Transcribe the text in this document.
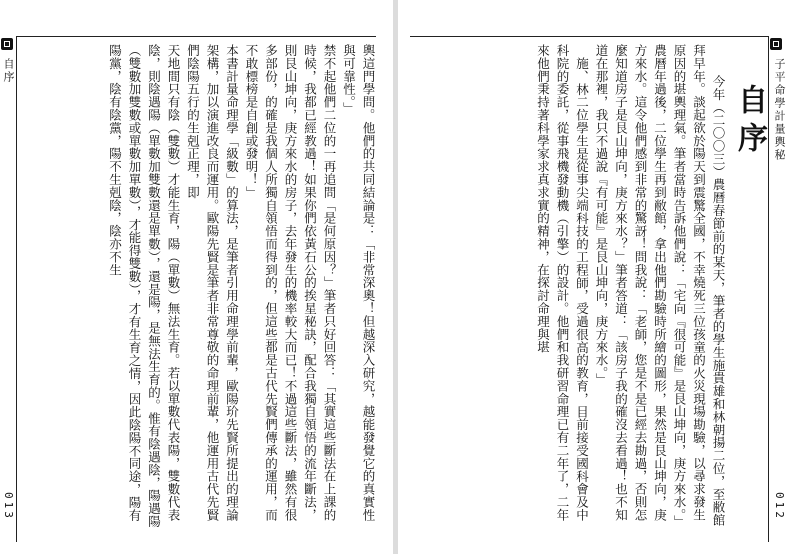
自序	輿這門學問。他們的共同結論是：「非常深奧！但越深入研究，越能發覺它的真實性與可靠性。」

禁不起他們二位的一再追問「是何原因？」筆者只好回答：「其實這些斷法在上課的時候，我都已經教過！如果你們依黃石公的挨星秘訣，配合我獨自領悟的流年斷法，則艮山坤向，庚方來水的房子，去年發生的機率較大而已！不過這些斷法，雖然有很多部份，的確是我個人所獨自領悟而得到的，但這些都是古代先賢們傳承的運用，而不敢標榜是自創或發明！」

本書計量命理學「級數」的算法，是筆者引用命理學前輩，歐陽玠先賢所提出的理論架構，加以演進改良而運用。歐陽先賢是筆者非常尊敬的命理前輩，他運用古代先賢們陰陽五行的生剋正理，即

天地間只有陰（雙數）才能生育，陽（單數）無法生育。若以單數代表陽，雙數代表陰，則陰遇陽（單數加雙數還是單數），還是陽，是無法生育的。惟有陰遇陰，陽遇陽（雙數加雙數或單數加單數），才能得雙數），才有生育之情，因此陰陽不同途，陽有陽黨，陰有陰黨，陽不生剋陰，陰亦不生

013	今年（二〇〇三）農曆春節前的某天，筆者的學生施貴雄和林朝揚二位，至敝館拜早年。談起欲於陽天到震驚全國，不幸燒死三位孩童的火災現場勘驗，以尋求發生原因的堪輿理氣。筆者當時告訴他們說：「宅向『很可能』是艮山坤向，庚方來水。」農曆年過後，二位學生再到敝館，拿出他們勘驗時所繪的圖形，果然是艮山坤向，庚方來水。這令他們感到非常的驚訝！問我說：「老師，您是不是已經去勘過，否則怎麼知道房子是艮山坤向，庚方來水？」筆者答道：「該房子我的確沒去看過！也不知道在那裡，我只不過說『有可能』是艮山坤向，庚方來水。」

施、林二位學生是從事尖端科技的工程師，受過很高的教育，目前接受國科會及中科院的委託，從事飛機發動機（引擎）的設計。他們和我研習命理已有二年了，二年來他們秉持著科學家求真求實的精神，在探討命理與堪	自序 子平命學計量輿秘
012
